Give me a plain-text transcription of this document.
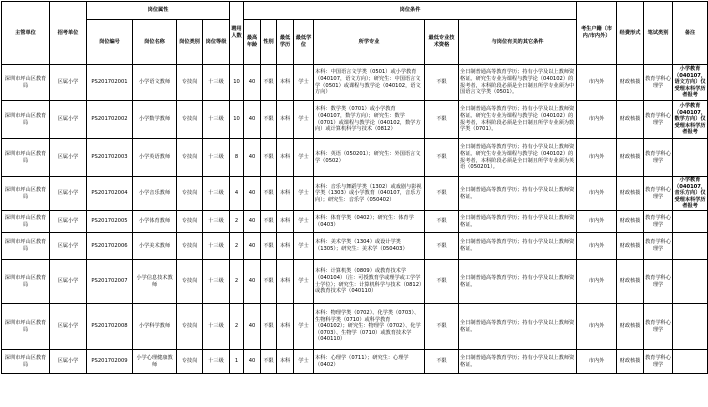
主管单位	招考单位	岗位属性				聘用人数	岗位条件							考生户籍（市内/市内外）	经费形式	笔试类别	备注
		岗位编号	岗位名称	岗位类别	岗位等级		最高年龄	性别	最低学历	最低学位	所学专业	最低专业技术资格	与岗位有关的其它条件				
深圳市坪山区教育局	区属小学	PS201702001	小学语文教师	专技岗	十三级	10	40	不限	本科	学士	本科：中国语言文学类（0501）或小学教育（040107，语文方向）；研究生：中国语言文学（0501）或课程与教学论（040102，语文方向）	不限	全日制普通高等教育学历；持有小学及以上教师资格证。研究生专业为课程与教学论（040102）的报考者，本科阶段必须是全日制且所学专业须为中国语言文学类（0501）。	市内外	财政核拨	教育学科心理学	小学教育（040107，语文方向）仅受理本科学历者报考
深圳市坪山区教育局	区属小学	PS201702002	小学数学教师	专技岗	十三级	10	40	不限	本科	学士	本科：数学类（0701）或小学教育（040107，数学方向）；研究生：数学（0701）或课程与教学论（040102，数学方向）或计算机科学与技术（0812）	不限	全日制普通高等教育学历；持有小学及以上教师资格证。研究生专业为课程与教学论（040102）的报考者，本科阶段必须是全日制且所学专业须为数学类（0701）。	市内外	财政核拨	教育学科心理学	小学教育（040107，数学方向）仅受理本科学历者报考
深圳市坪山区教育局	区属小学	PS201702003	小学英语教师	专技岗	十三级	8	40	不限	本科	学士	本科：英语（050201）；研究生：外国语言文学（0502）	不限	全日制普通高等教育学历；持有小学及以上教师资格证。研究生专业为课程与教学论（040102）的报考者，本科阶段必须是全日制且所学专业须为英语（050201）。	市内外	财政核拨	教育学科心理学	
深圳市坪山区教育局	区属小学	PS201702004	小学音乐教师	专技岗	十三级	4	40	不限	本科	学士	本科：音乐与舞蹈学类（1302）或戏剧与影视学类（1303）或小学教育（040107，音乐方向）；研究生：音乐学（050402）	不限	全日制普通高等教育学历；持有小学及以上教师资格证。	市内外	财政核拨	教育学科心理学	小学教育（040107，音乐方向）仅受理本科学历者报考
深圳市坪山区教育局	区属小学	PS201702005	小学体育教师	专技岗	十三级	2	40	不限	本科	学士	本科：体育学类（0402）；研究生：体育学（0403）	不限	全日制普通高等教育学历；持有小学及以上教师资格证。	市内外	财政核拨	教育学科心理学	
深圳市坪山区教育局	区属小学	PS201702006	小学美术教师	专技岗	十三级	2	40	不限	本科	学士	本科：美术学类（1304）或设计学类（1305）；研究生：美术学（050403）	不限	全日制普通高等教育学历；持有小学及以上教师资格证。	市内外	财政核拨	教育学科心理学	
深圳市坪山区教育局	区属小学	PS201702007	小学信息技术教师	专技岗	十三级	2	40	不限	本科	学士	本科：计算机类（0809）或教育技术学（040104）（注：可授教育学或理学或工学学士学位）；研究生：计算机科学与技术（0812）或教育技术学（040110）	不限	全日制普通高等教育学历；持有小学及以上教师资格证。	市内外	财政核拨	教育学科心理学	
深圳市坪山区教育局	区属小学	PS201702008	小学科学教师	专技岗	十三级	2	40	不限	本科	学士	本科：物理学类（0702）、化学类（0703）、生物科学类（0710）或科学教育（040102）；研究生：物理学（0702）、化学（0703）、生物学（0710）或教育技术学（040110）	不限	全日制普通高等教育学历；持有小学及以上教师资格证。	市内外	财政核拨	教育学科心理学	
深圳市坪山区教育局	区属小学	PS201702009	小学心理健康教师	专技岗	十三级	1	40	不限	本科	学士	本科：心理学（0711）；研究生：心理学（0402）	不限	全日制普通高等教育学历；持有小学及以上教师资格证。	市内外	财政核拨	教育学科心理学	
